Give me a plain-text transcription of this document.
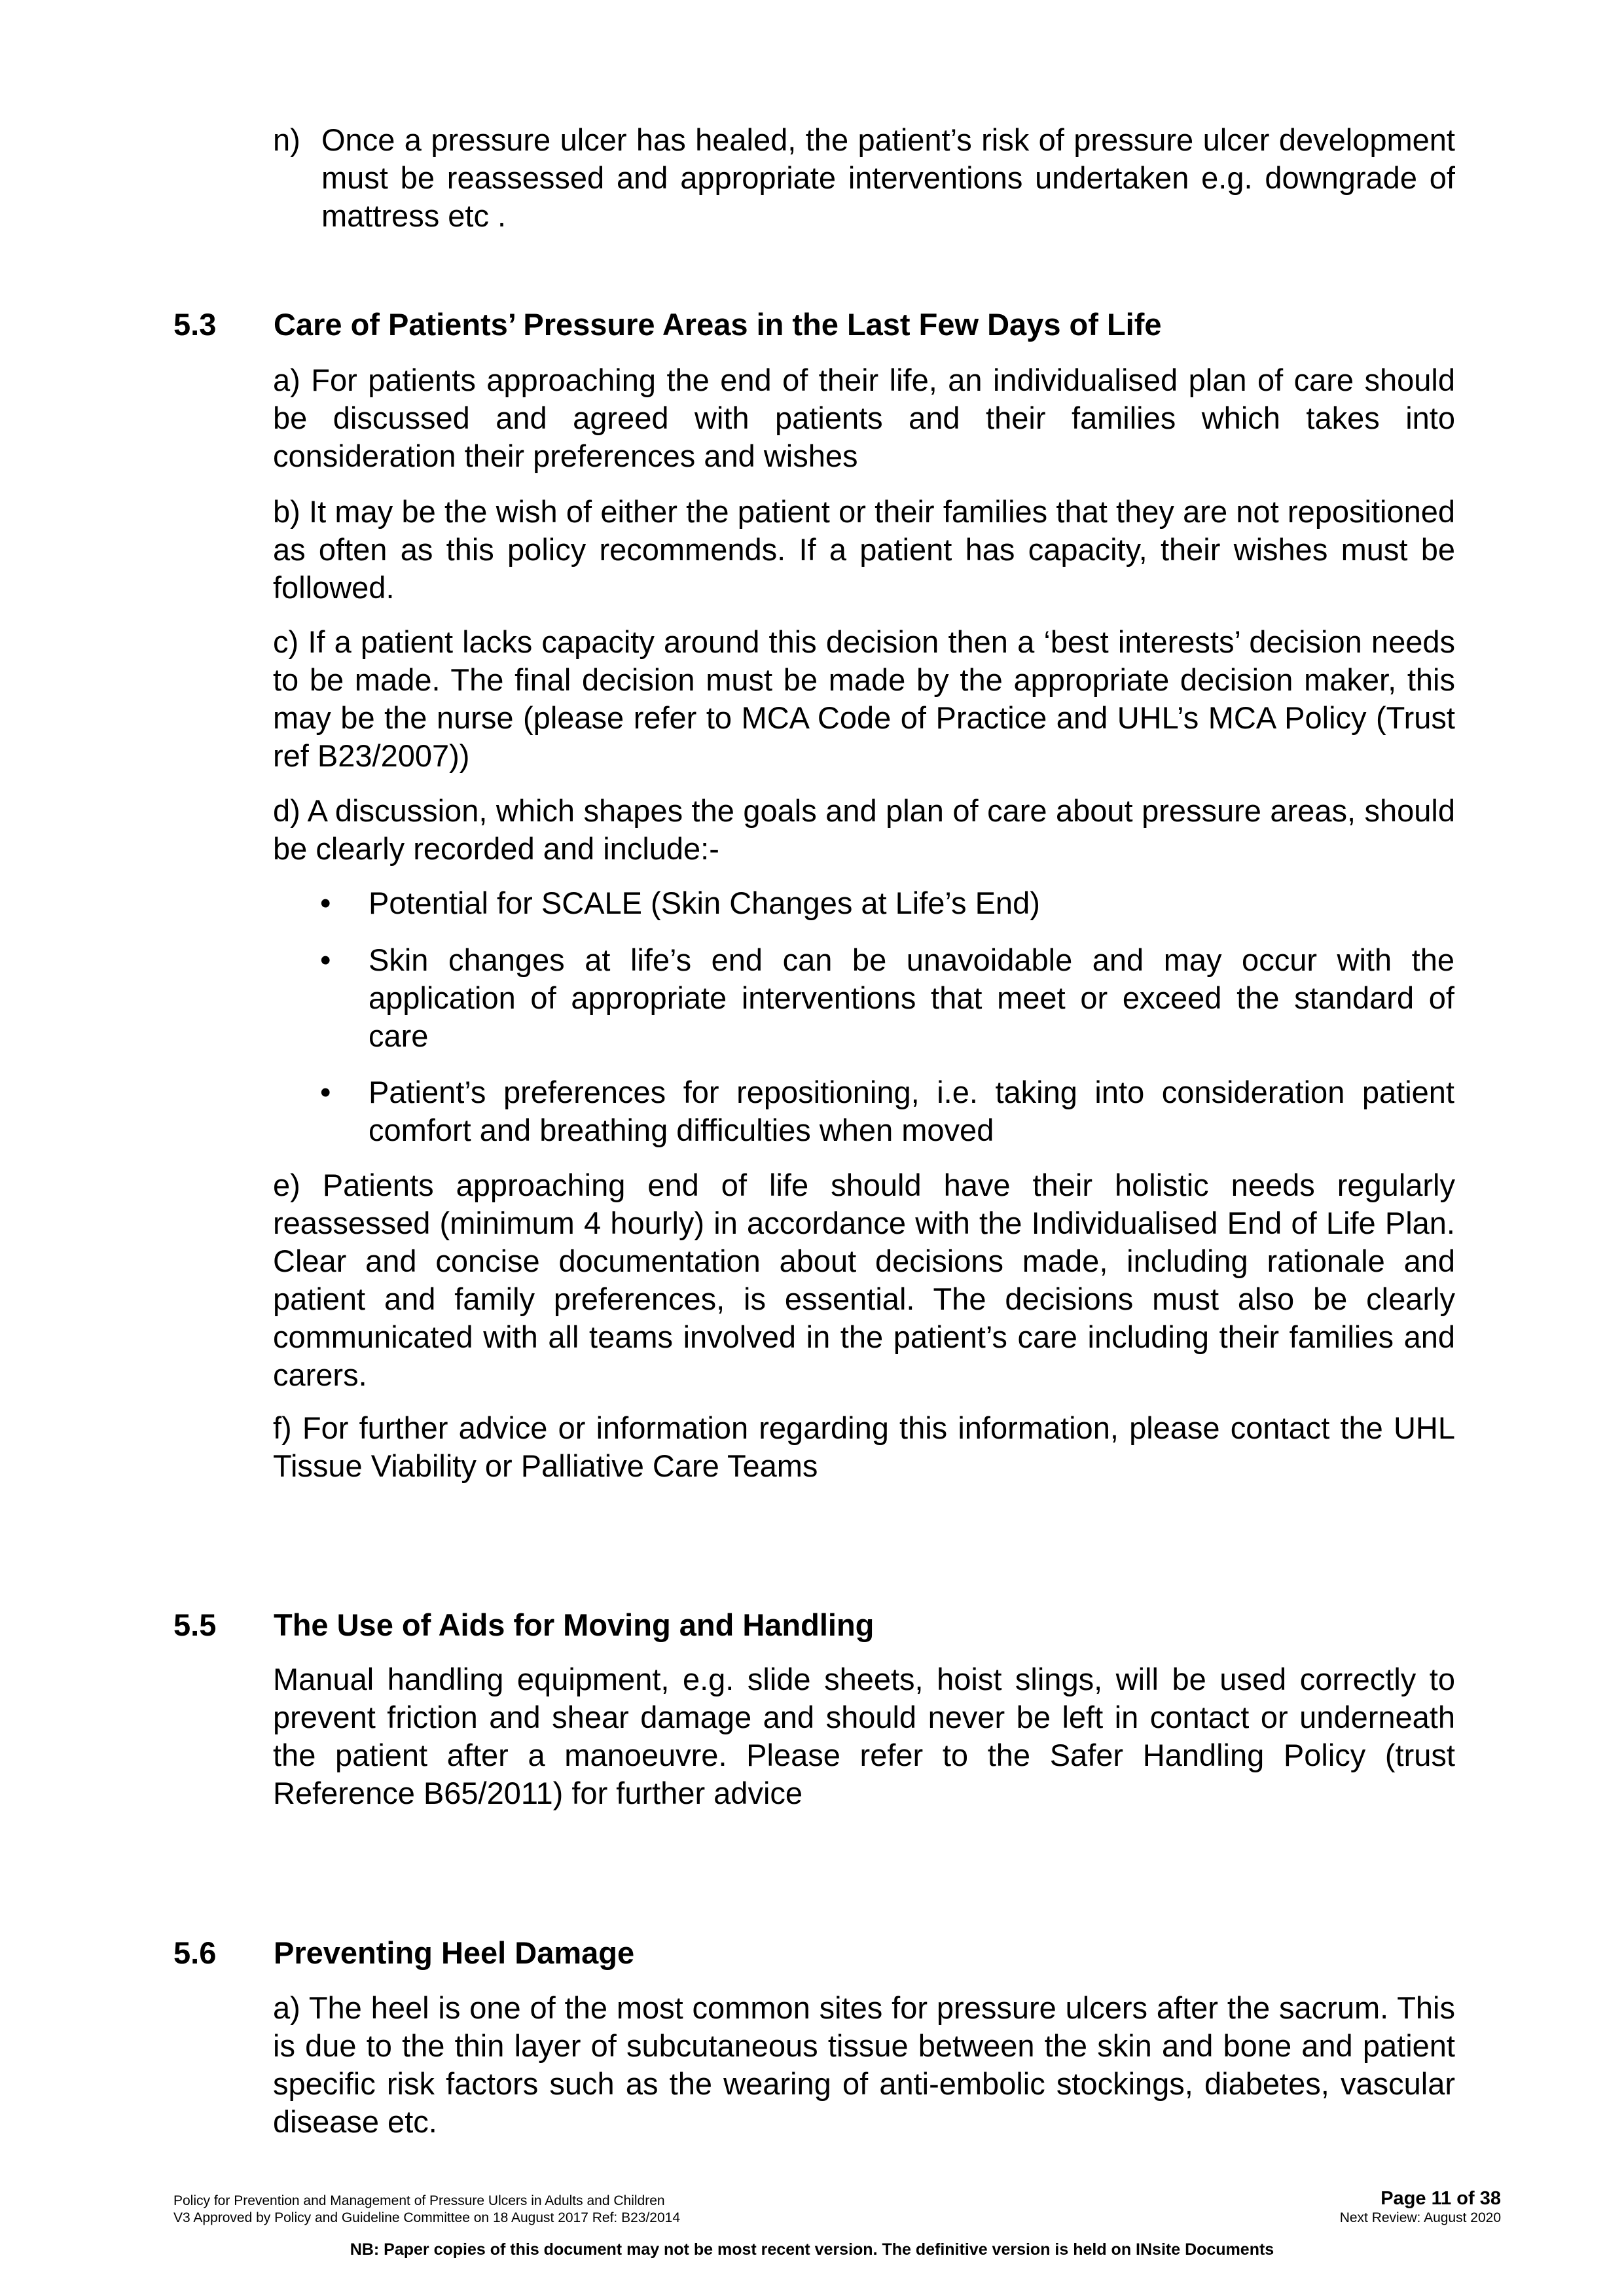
n) Once a pressure ulcer has healed, the patient’s risk of pressure ulcer development must be reassessed and appropriate interventions undertaken e.g. downgrade of mattress etc .
5.3 Care of Patients’ Pressure Areas in the Last Few Days of Life
a) For patients approaching the end of their life, an individualised plan of care should be discussed and agreed with patients and their families which takes into consideration their preferences and wishes
b) It may be the wish of either the patient or their families that they are not repositioned as often as this policy recommends. If a patient has capacity, their wishes must be followed.
c) If a patient lacks capacity around this decision then a ‘best interests’ decision needs to be made. The final decision must be made by the appropriate decision maker, this may be the nurse (please refer to MCA Code of Practice and UHL’s MCA Policy (Trust ref B23/2007))
d) A discussion, which shapes the goals and plan of care about pressure areas, should be clearly recorded and include:-
• Potential for SCALE (Skin Changes at Life’s End)
• Skin changes at life’s end can be unavoidable and may occur with the application of appropriate interventions that meet or exceed the standard of care
• Patient’s preferences for repositioning, i.e. taking into consideration patient comfort and breathing difficulties when moved
e) Patients approaching end of life should have their holistic needs regularly reassessed (minimum 4 hourly) in accordance with the Individualised End of Life Plan. Clear and concise documentation about decisions made, including rationale and patient and family preferences, is essential. The decisions must also be clearly communicated with all teams involved in the patient’s care including their families and carers.
f) For further advice or information regarding this information, please contact the UHL Tissue Viability or Palliative Care Teams
5.5 The Use of Aids for Moving and Handling
Manual handling equipment, e.g. slide sheets, hoist slings, will be used correctly to prevent friction and shear damage and should never be left in contact or underneath the patient after a manoeuvre. Please refer to the Safer Handling Policy (trust Reference B65/2011) for further advice
5.6 Preventing Heel Damage
a) The heel is one of the most common sites for pressure ulcers after the sacrum. This is due to the thin layer of subcutaneous tissue between the skin and bone and patient specific risk factors such as the wearing of anti-embolic stockings, diabetes, vascular disease etc.
Policy for Prevention and Management of Pressure Ulcers in Adults and Children
V3 Approved by Policy and Guideline Committee on 18 August 2017 Ref: B23/2014
Page 11 of 38
Next Review: August 2020
NB: Paper copies of this document may not be most recent version. The definitive version is held on INsite Documents
